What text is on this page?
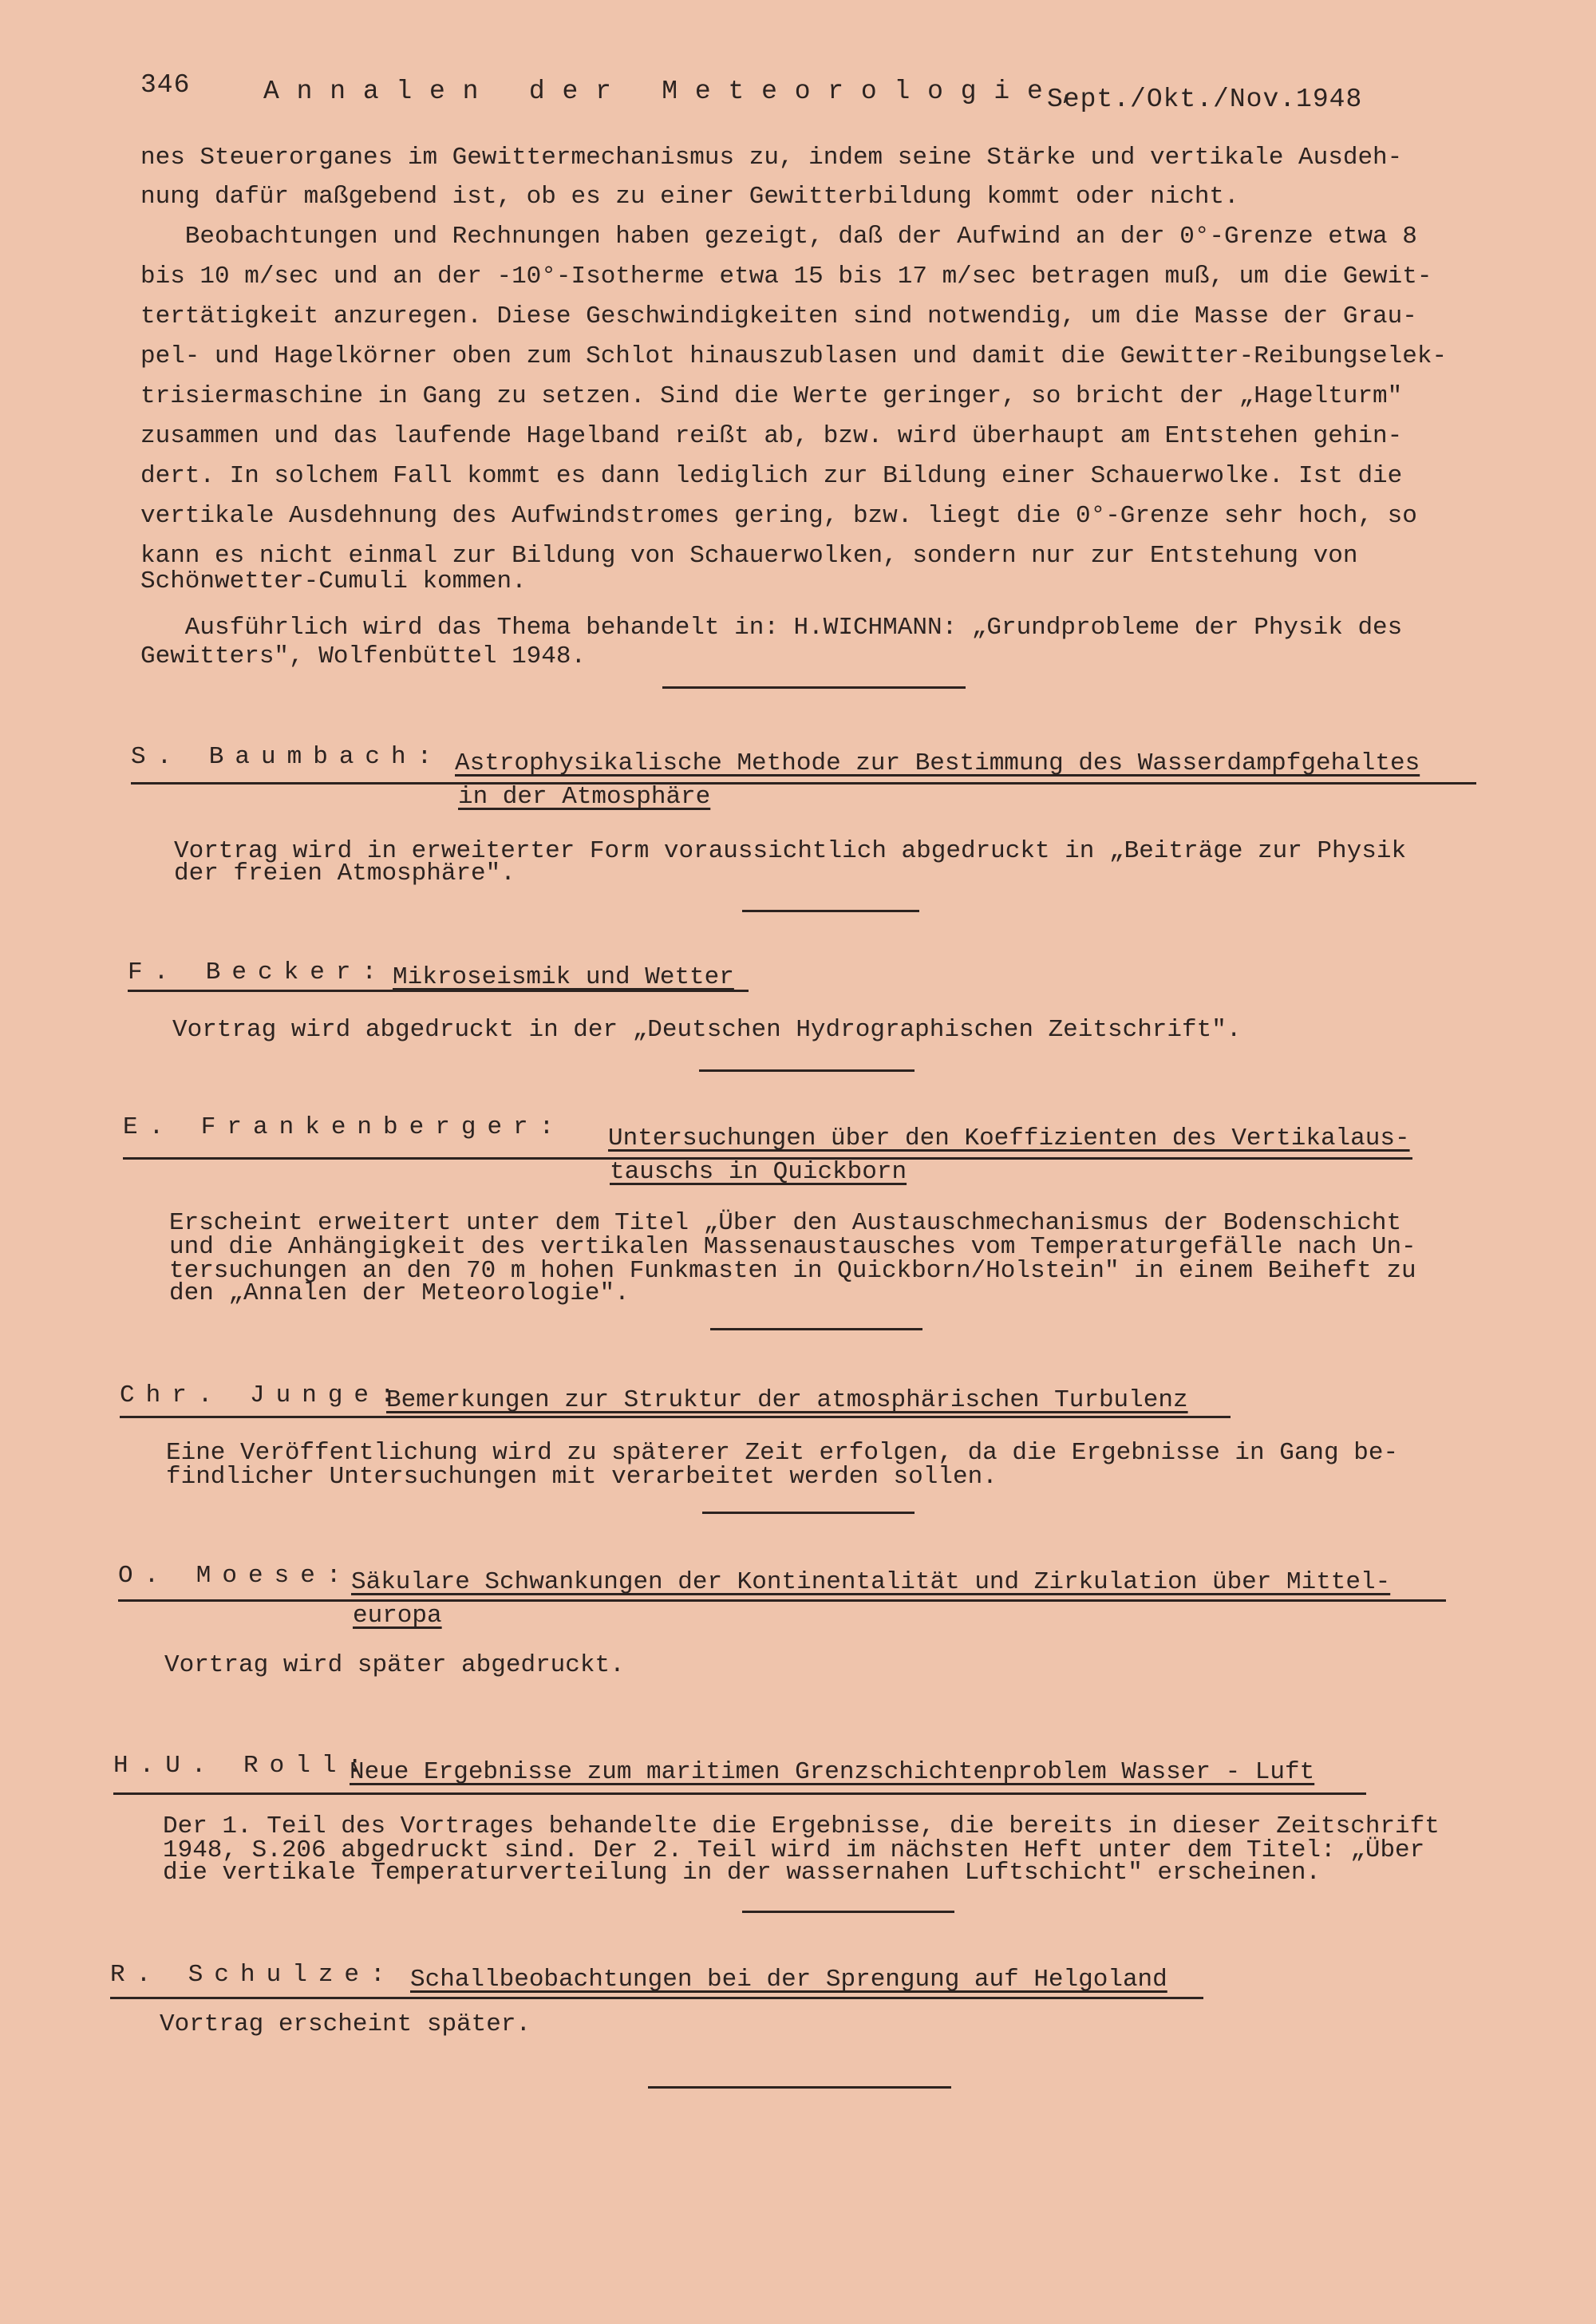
346	A n n a l e n   d e r   M e t e o r o l o g i e ,
Sept./Okt./Nov.1948
nes Steuerorganes im Gewittermechanismus zu, indem seine Stärke und vertikale Ausdeh-
nung dafür maßgebend ist, ob es zu einer Gewitterbildung kommt oder nicht.
Beobachtungen und Rechnungen haben gezeigt, daß der Aufwind an der 0°-Grenze etwa 8
bis 10 m/sec und an der -10°-Isotherme etwa 15 bis 17 m/sec betragen muß, um die Gewit-
tertätigkeit anzuregen. Diese Geschwindigkeiten sind notwendig, um die Masse der Grau-
pel- und Hagelkörner oben zum Schlot hinauszublasen und damit die Gewitter-Reibungselek-
trisiermaschine in Gang zu setzen. Sind die Werte geringer, so bricht der „Hagelturm"
zusammen und das laufende Hagelband reißt ab, bzw. wird überhaupt am Entstehen gehin-
dert. In solchem Fall kommt es dann lediglich zur Bildung einer Schauerwolke. Ist die
vertikale Ausdehnung des Aufwindstromes gering, bzw. liegt die 0°-Grenze sehr hoch, so
kann es nicht einmal zur Bildung von Schauerwolken, sondern nur zur Entstehung von
Schönwetter-Cumuli kommen.
Ausführlich wird das Thema behandelt in: H.WICHMANN: „Grundprobleme der Physik des
Gewitters", Wolfenbüttel 1948.
S. Baumbach: Astrophysikalische Methode zur Bestimmung des Wasserdampfgehaltes
in der Atmosphäre
Vortrag wird in erweiterter Form voraussichtlich abgedruckt in „Beiträge zur Physik
der freien Atmosphäre".
F. Becker: Mikroseismik und Wetter
Vortrag wird abgedruckt in der „Deutschen Hydrographischen Zeitschrift".
E. Frankenberger: Untersuchungen über den Koeffizienten des Vertikalaus-
tauschs in Quickborn
Erscheint erweitert unter dem Titel „Über den Austauschmechanismus der Bodenschicht
und die Anhängigkeit des vertikalen Massenaustausches vom Temperaturgefälle nach Un-
tersuchungen an den 70 m hohen Funkmasten in Quickborn/Holstein" in einem Beiheft zu
den „Annalen der Meteorologie".
Chr. Junge:
Bemerkungen zur Struktur der atmosphärischen Turbulenz
Eine Veröffentlichung wird zu späterer Zeit erfolgen, da die Ergebnisse in Gang be-
findlicher Untersuchungen mit verarbeitet werden sollen.
O. Moese:
Säkulare Schwankungen der Kontinentalität und Zirkulation über Mittel-
europa
Vortrag wird später abgedruckt.
H.U. Roll:
Neue Ergebnisse zum maritimen Grenzschichtenproblem Wasser - Luft
Der 1. Teil des Vortrages behandelte die Ergebnisse, die bereits in dieser Zeitschrift
1948, S.206 abgedruckt sind. Der 2. Teil wird im nächsten Heft unter dem Titel: „Über
die vertikale Temperaturverteilung in der wassernahen Luftschicht" erscheinen.
R. Schulze: Schallbeobachtungen bei der Sprengung auf Helgoland
Vortrag erscheint später.
